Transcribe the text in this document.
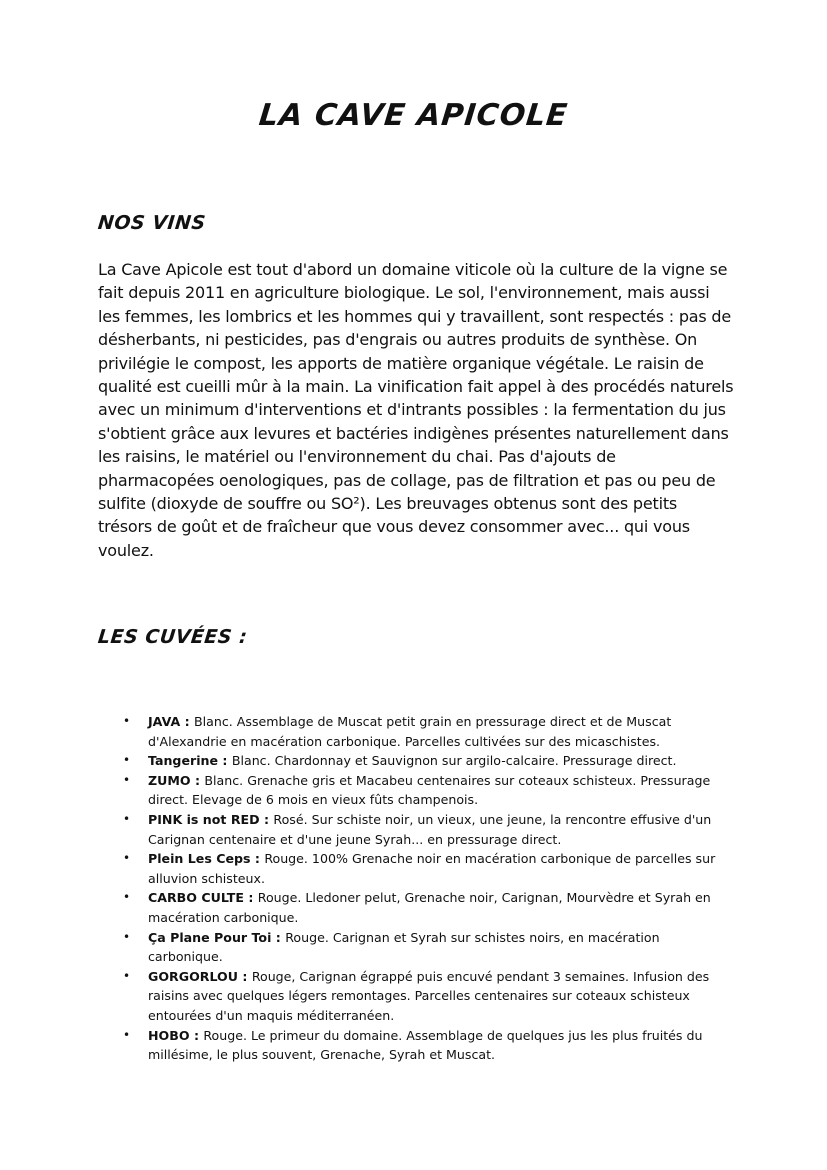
LA CAVE APICOLE
NOS VINS

La Cave Apicole est tout d'abord un domaine viticole où la culture de la vigne se fait depuis 2011 en agriculture biologique. Le sol, l'environnement, mais aussi les femmes, les lombrics et les hommes qui y travaillent, sont respectés : pas de désherbants, ni pesticides, pas d'engrais ou autres produits de synthèse. On privilégie le compost, les apports de matière organique végétale. Le raisin de qualité est cueilli mûr à la main. La vinification fait appel à des procédés naturels avec un minimum d'interventions et d'intrants possibles : la fermentation du jus s'obtient grâce aux levures et bactéries indigènes présentes naturellement dans les raisins, le matériel ou l'environnement du chai. Pas d'ajouts de pharmacopées oenologiques, pas de collage, pas de filtration et pas ou peu de sulfite (dioxyde de souffre ou SO²). Les breuvages obtenus sont des petits trésors de goût et de fraîcheur que vous devez consommer avec... qui vous voulez.

LES CUVÉES :
• JAVA : Blanc. Assemblage de Muscat petit grain en pressurage direct et de Muscat d'Alexandrie en macération carbonique. Parcelles cultivées sur des micaschistes.
• Tangerine : Blanc. Chardonnay et Sauvignon sur argilo-calcaire. Pressurage direct.
• ZUMO : Blanc. Grenache gris et Macabeu centenaires sur coteaux schisteux. Pressurage direct. Elevage de 6 mois en vieux fûts champenois.
• PINK is not RED : Rosé. Sur schiste noir, un vieux, une jeune, la rencontre effusive d'un Carignan centenaire et d'une jeune Syrah... en pressurage direct.
• Plein Les Ceps : Rouge. 100% Grenache noir en macération carbonique de parcelles sur alluvion schisteux.
• CARBO CULTE : Rouge. Lledoner pelut, Grenache noir, Carignan, Mourvèdre et Syrah en macération carbonique.
• Ça Plane Pour Toi : Rouge. Carignan et Syrah sur schistes noirs, en macération carbonique.
• GORGORLOU : Rouge, Carignan égrappé puis encuvé pendant 3 semaines. Infusion des raisins avec quelques légers remontages. Parcelles centenaires sur coteaux schisteux entourées d'un maquis méditerranéen.
• HOBO : Rouge. Le primeur du domaine. Assemblage de quelques jus les plus fruités du millésime, le plus souvent, Grenache, Syrah et Muscat.
